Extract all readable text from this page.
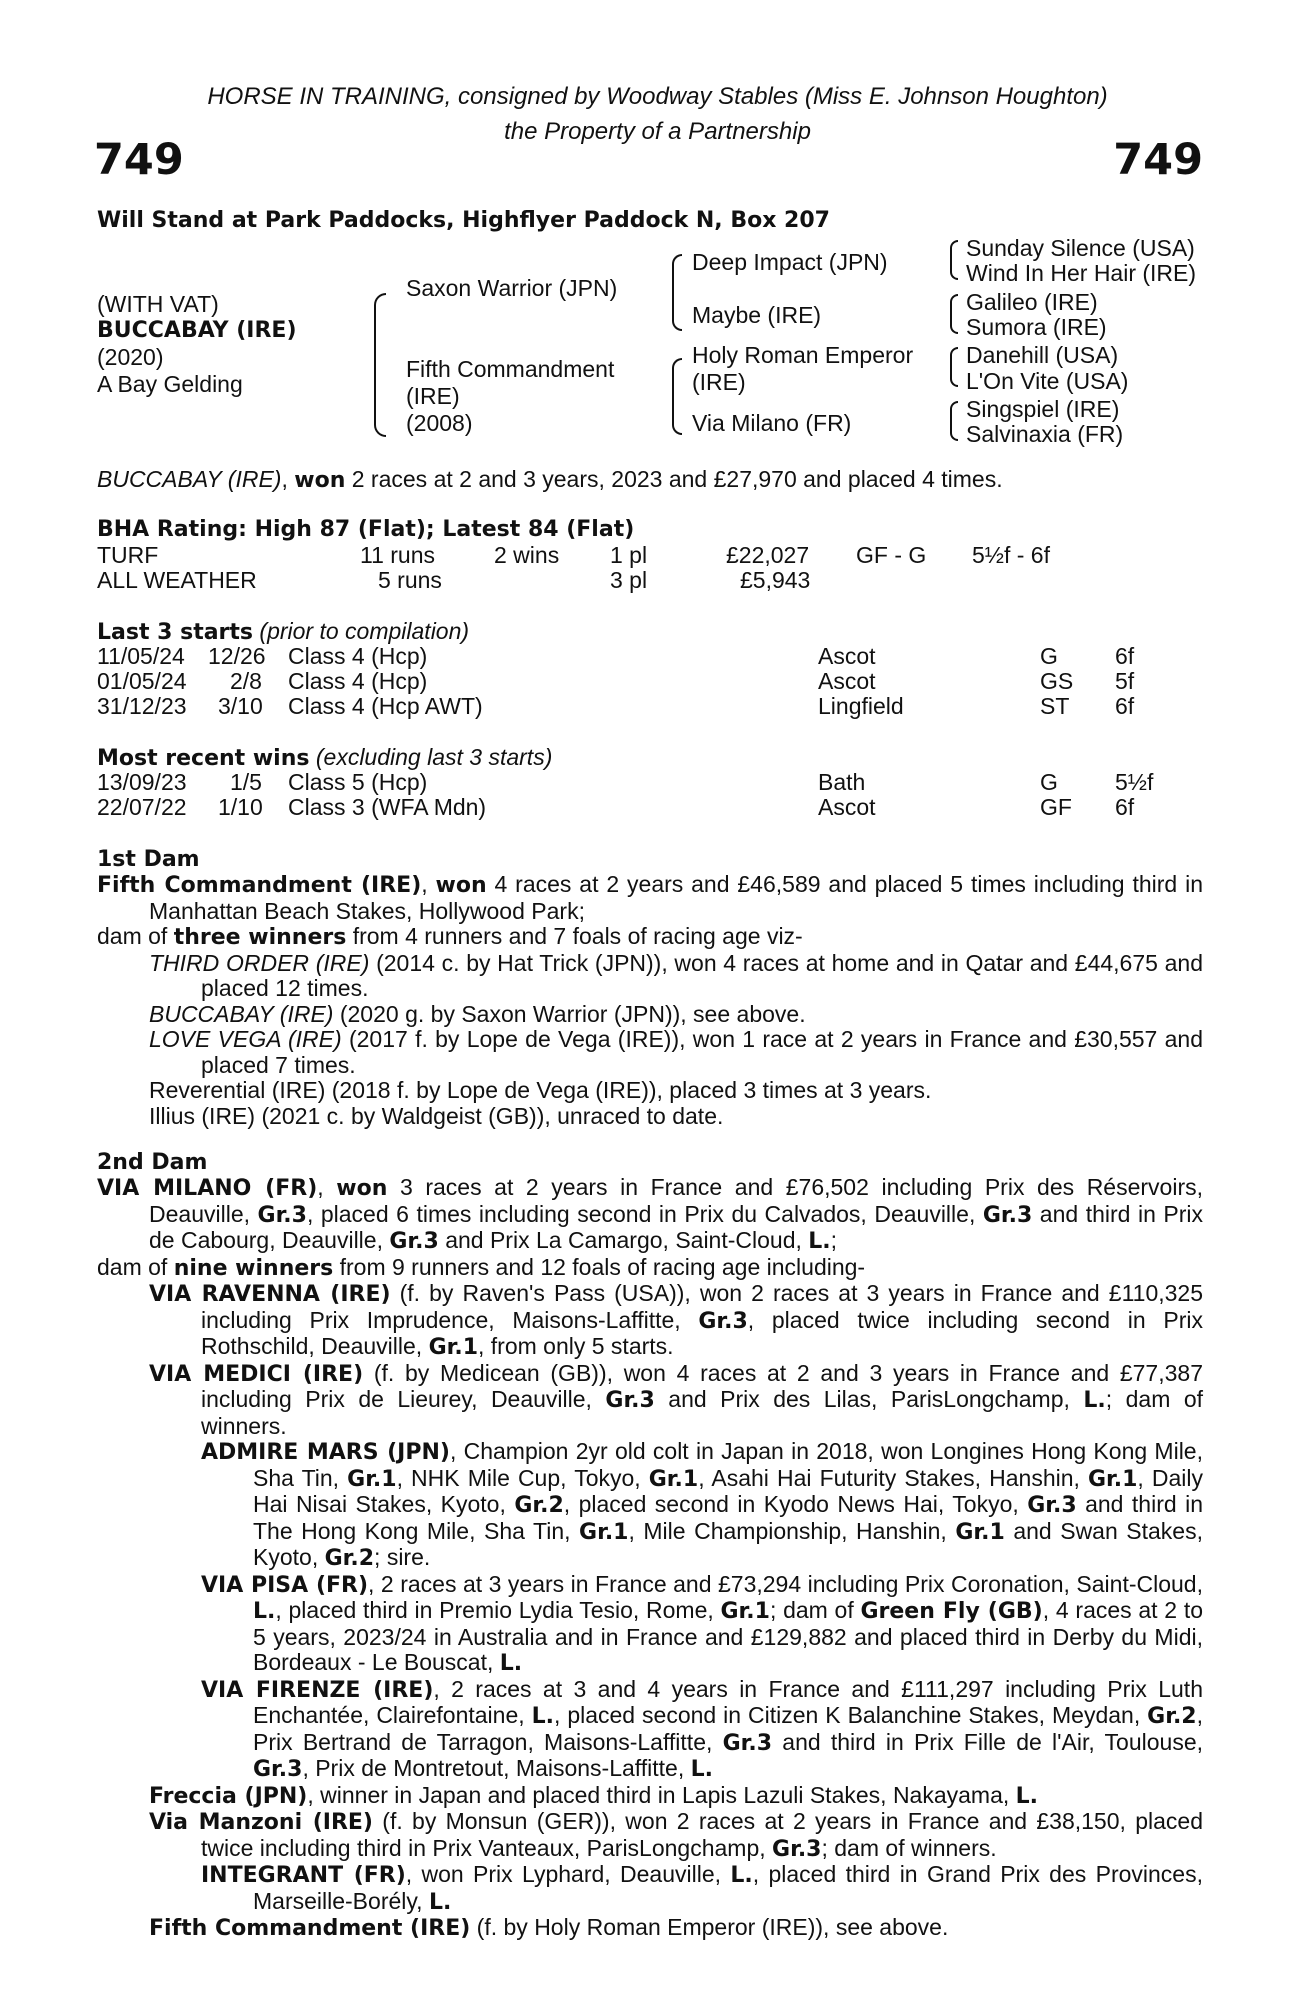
HORSE IN TRAINING, consigned by Woodway Stables (Miss E. Johnson Houghton)
the Property of a Partnership
749	749
Will Stand at Park Paddocks, Highflyer Paddock N, Box 207
(WITH VAT)
BUCCABAY (IRE)
(2020)
A Bay Gelding
Saxon Warrior (JPN)
Fifth Commandment
(IRE)
(2008)
Deep Impact (JPN)
Maybe (IRE)
Holy Roman Emperor
(IRE)
Via Milano (FR)
Sunday Silence (USA)
Wind In Her Hair (IRE)
Galileo (IRE)
Sumora (IRE)
Danehill (USA)
L'On Vite (USA)
Singspiel (IRE)
Salvinaxia (FR)
BUCCABAY (IRE), won 2 races at 2 and 3 years, 2023 and £27,970 and placed 4 times.
BHA Rating: High 87 (Flat); Latest 84 (Flat)
TURF	11 runs	2 wins 1 pl	£22,027 GF - G 5½f - 6f
ALL WEATHER	5 runs	3 pl	£5,943
Last 3 starts (prior to compilation)
11/05/24 12/26 Class 4 (Hcp)	Ascot	G 6f
01/05/24 2/8 Class 4 (Hcp)	Ascot	GS 5f
31/12/23 3/10 Class 4 (Hcp AWT)	Lingfield	ST 6f
Most recent wins (excluding last 3 starts)
13/09/23 1/5 Class 5 (Hcp)	Bath	G 5½f
22/07/22 1/10 Class 3 (WFA Mdn)	Ascot	GF 6f
1st Dam

Fifth Commandment (IRE), won 4 races at 2 years and £46,589 and placed 5 times including third in Manhattan Beach Stakes, Hollywood Park;

dam of three winners from 4 runners and 7 foals of racing age viz-

THIRD ORDER (IRE) (2014 c. by Hat Trick (JPN)), won 4 races at home and in Qatar and £44,675 and placed 12 times.

BUCCABAY (IRE) (2020 g. by Saxon Warrior (JPN)), see above.

LOVE VEGA (IRE) (2017 f. by Lope de Vega (IRE)), won 1 race at 2 years in France and £30,557 and placed 7 times.

Reverential (IRE) (2018 f. by Lope de Vega (IRE)), placed 3 times at 3 years.

Illius (IRE) (2021 c. by Waldgeist (GB)), unraced to date.

2nd Dam

VIA MILANO (FR), won 3 races at 2 years in France and £76,502 including Prix des Réservoirs, Deauville, Gr.3, placed 6 times including second in Prix du Calvados, Deauville, Gr.3 and third in Prix de Cabourg, Deauville, Gr.3 and Prix La Camargo, Saint-Cloud, L.;

dam of nine winners from 9 runners and 12 foals of racing age including-

VIA RAVENNA (IRE) (f. by Raven's Pass (USA)), won 2 races at 3 years in France and £110,325 including Prix Imprudence, Maisons-Laffitte, Gr.3, placed twice including second in Prix Rothschild, Deauville, Gr.1, from only 5 starts.

VIA MEDICI (IRE) (f. by Medicean (GB)), won 4 races at 2 and 3 years in France and £77,387 including Prix de Lieurey, Deauville, Gr.3 and Prix des Lilas, ParisLongchamp, L.; dam of winners.

ADMIRE MARS (JPN), Champion 2yr old colt in Japan in 2018, won Longines Hong Kong Mile, Sha Tin, Gr.1, NHK Mile Cup, Tokyo, Gr.1, Asahi Hai Futurity Stakes, Hanshin, Gr.1, Daily Hai Nisai Stakes, Kyoto, Gr.2, placed second in Kyodo News Hai, Tokyo, Gr.3 and third in The Hong Kong Mile, Sha Tin, Gr.1, Mile Championship, Hanshin, Gr.1 and Swan Stakes, Kyoto, Gr.2; sire.

VIA PISA (FR), 2 races at 3 years in France and £73,294 including Prix Coronation, Saint-Cloud, L., placed third in Premio Lydia Tesio, Rome, Gr.1; dam of Green Fly (GB), 4 races at 2 to 5 years, 2023/24 in Australia and in France and £129,882 and placed third in Derby du Midi, Bordeaux - Le Bouscat, L.

VIA FIRENZE (IRE), 2 races at 3 and 4 years in France and £111,297 including Prix Luth Enchantée, Clairefontaine, L., placed second in Citizen K Balanchine Stakes, Meydan, Gr.2, Prix Bertrand de Tarragon, Maisons-Laffitte, Gr.3 and third in Prix Fille de l'Air, Toulouse, Gr.3, Prix de Montretout, Maisons-Laffitte, L.

Freccia (JPN), winner in Japan and placed third in Lapis Lazuli Stakes, Nakayama, L.

Via Manzoni (IRE) (f. by Monsun (GER)), won 2 races at 2 years in France and £38,150, placed twice including third in Prix Vanteaux, ParisLongchamp, Gr.3; dam of winners.

INTEGRANT (FR), won Prix Lyphard, Deauville, L., placed third in Grand Prix des Provinces, Marseille-Borély, L.

Fifth Commandment (IRE) (f. by Holy Roman Emperor (IRE)), see above.
